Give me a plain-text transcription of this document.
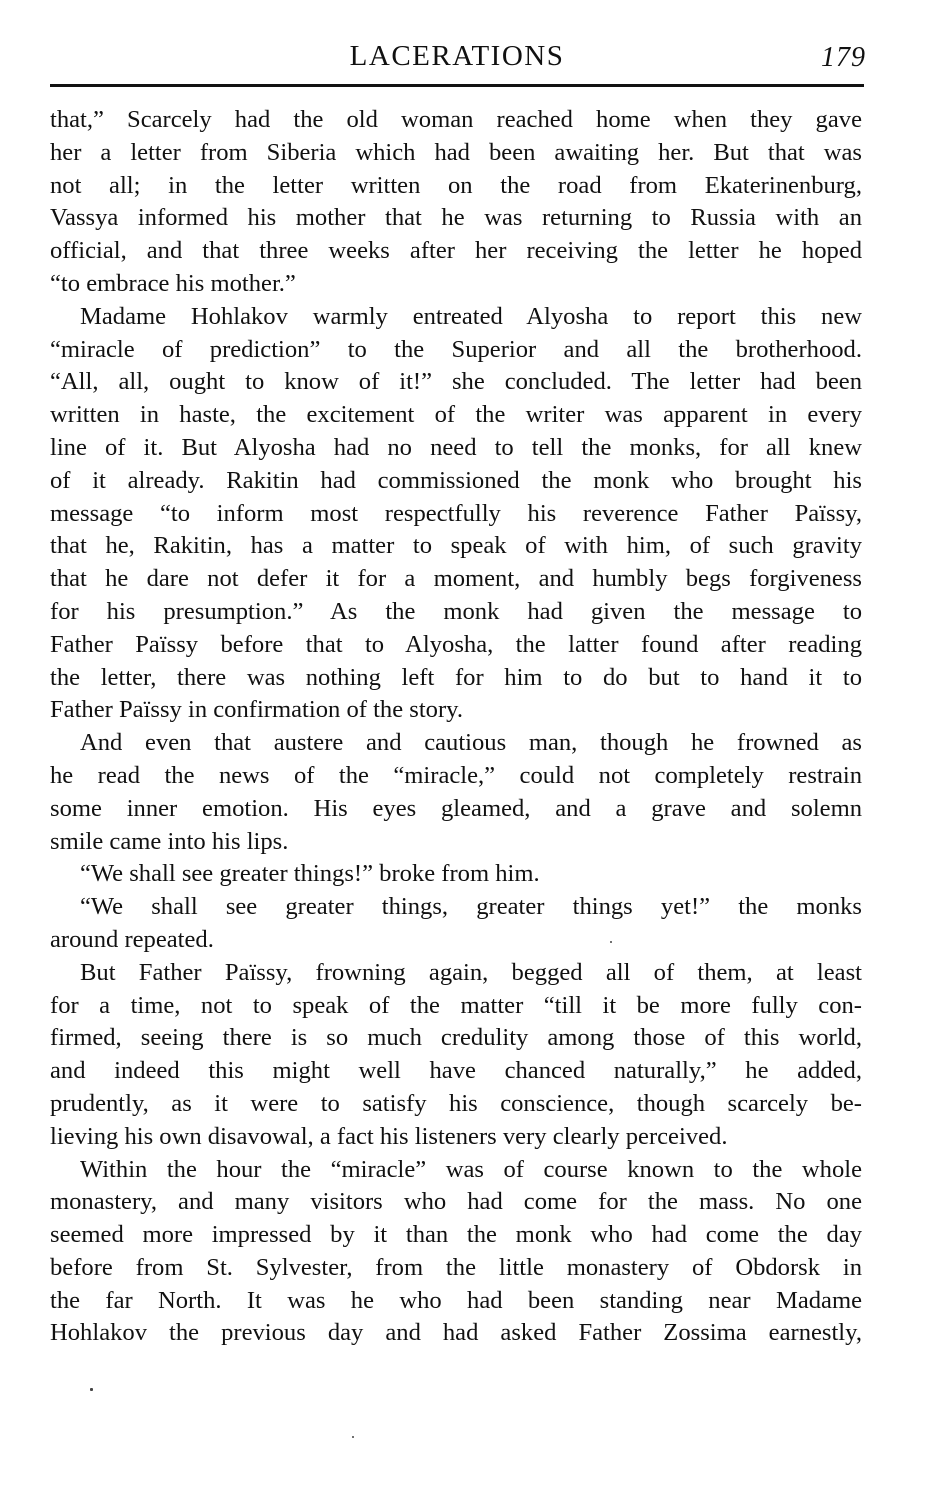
LACERATIONS	179
that,” Scarcely had the old woman reached home when they gave
her a letter from Siberia which had been awaiting her. But that was
not all; in the letter written on the road from Ekaterinenburg,
Vassya informed his mother that he was returning to Russia with an
official, and that three weeks after her receiving the letter he hoped
“to embrace his mother.”
Madame Hohlakov warmly entreated Alyosha to report this new
“miracle of prediction” to the Superior and all the brotherhood.
“All, all, ought to know of it!” she concluded. The letter had been
written in haste, the excitement of the writer was apparent in every
line of it. But Alyosha had no need to tell the monks, for all knew
of it already. Rakitin had commissioned the monk who brought his
message “to inform most respectfully his reverence Father Païssy,
that he, Rakitin, has a matter to speak of with him, of such gravity
that he dare not defer it for a moment, and humbly begs forgiveness
for his presumption.” As the monk had given the message to
Father Païssy before that to Alyosha, the latter found after reading
the letter, there was nothing left for him to do but to hand it to
Father Païssy in confirmation of the story.
And even that austere and cautious man, though he frowned as
he read the news of the “miracle,” could not completely restrain
some inner emotion. His eyes gleamed, and a grave and solemn
smile came into his lips.
“We shall see greater things!” broke from him.
“We shall see greater things, greater things yet!” the monks
around repeated.
But Father Païssy, frowning again, begged all of them, at least
for a time, not to speak of the matter “till it be more fully con-
firmed, seeing there is so much credulity among those of this world,
and indeed this might well have chanced naturally,” he added,
prudently, as it were to satisfy his conscience, though scarcely be-
lieving his own disavowal, a fact his listeners very clearly perceived.
Within the hour the “miracle” was of course known to the whole
monastery, and many visitors who had come for the mass. No one
seemed more impressed by it than the monk who had come the day
before from St. Sylvester, from the little monastery of Obdorsk in
the far North. It was he who had been standing near Madame
Hohlakov the previous day and had asked Father Zossima earnestly,
